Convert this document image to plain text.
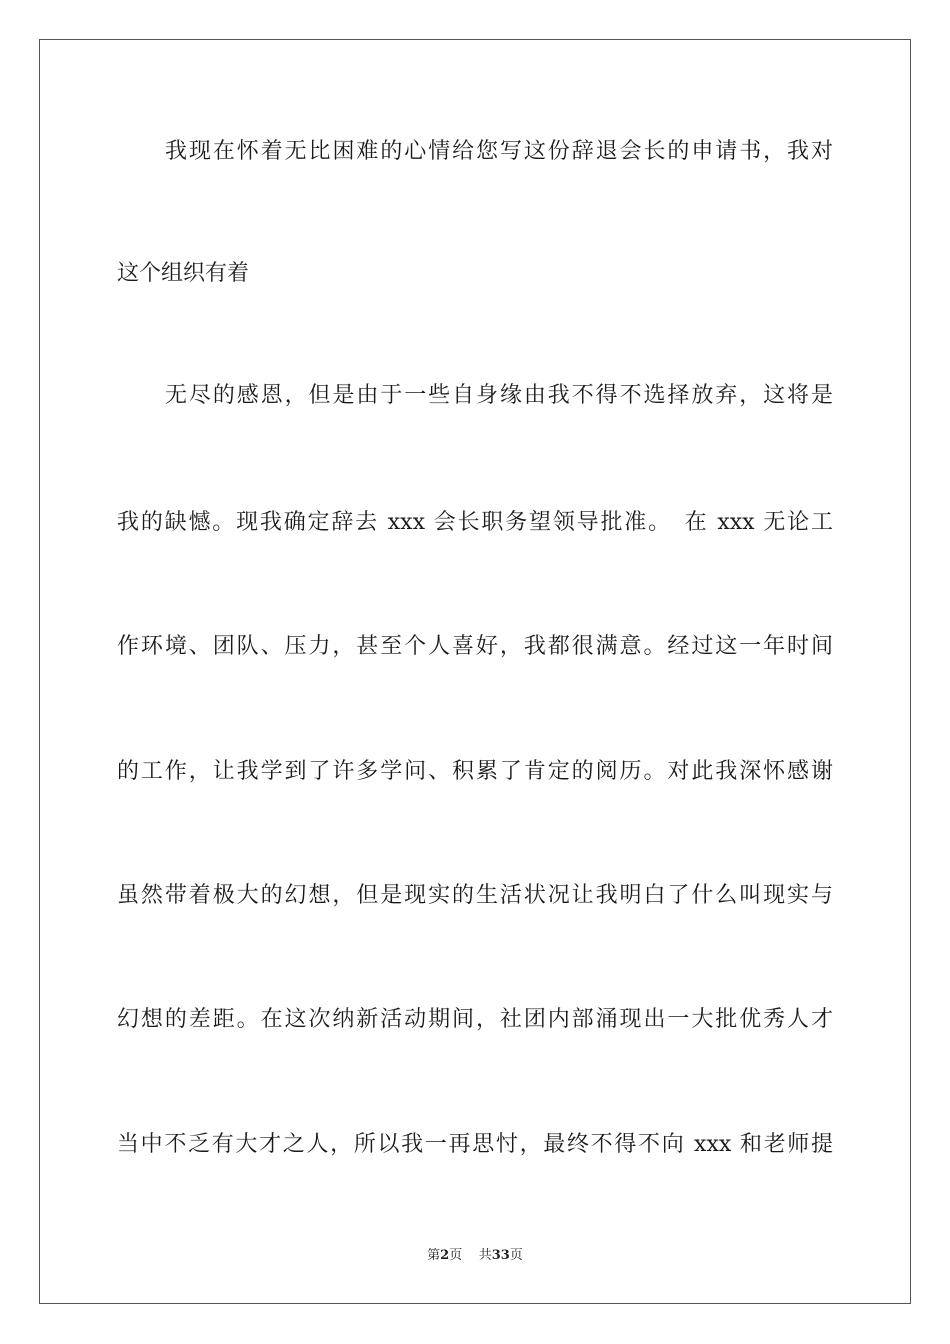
我现在怀着无比困难的心情给您写这份辞退会长的申请书，我对
这个组织有着
无尽的感恩，但是由于一些自身缘由我不得不选择放弃，这将是
我的缺憾。现我确定辞去 xxx 会长职务望领导批准。　在 xxx 无论工
作环境、团队、压力，甚至个人喜好，我都很满意。经过这一年时间
的工作，让我学到了许多学问、积累了肯定的阅历。对此我深怀感谢
虽然带着极大的幻想，但是现实的生活状况让我明白了什么叫现实与
幻想的差距。在这次纳新活动期间，社团内部涌现出一大批优秀人才
当中不乏有大才之人，所以我一再思忖，最终不得不向 xxx 和老师提
第2页 共33页
